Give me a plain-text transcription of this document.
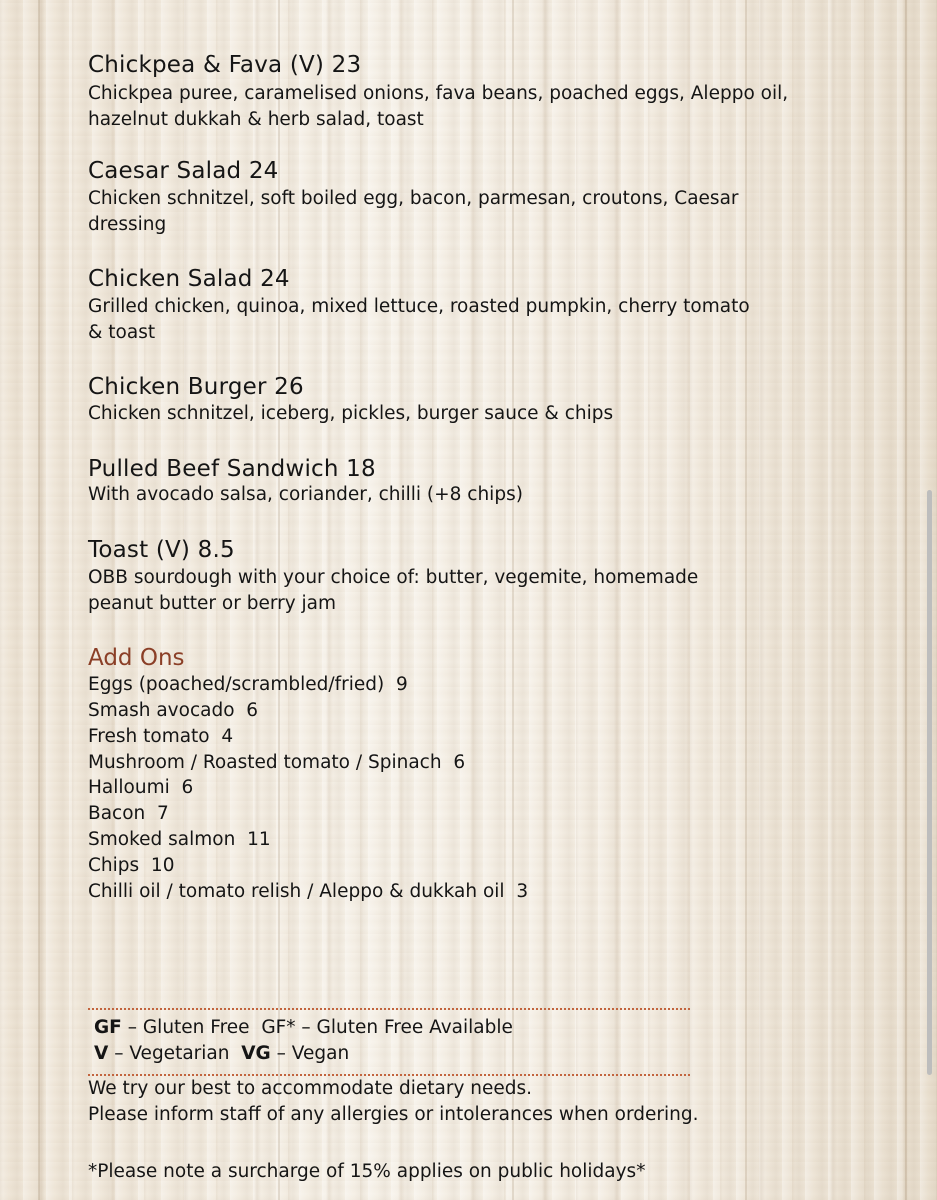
Chickpea & Fava (V) 23
Chickpea puree, caramelised onions, fava beans, poached eggs, Aleppo oil,
hazelnut dukkah & herb salad, toast
Caesar Salad 24
Chicken schnitzel, soft boiled egg, bacon, parmesan, croutons, Caesar
dressing
Chicken Salad 24
Grilled chicken, quinoa, mixed lettuce, roasted pumpkin, cherry tomato
& toast
Chicken Burger 26
Chicken schnitzel, iceberg, pickles, burger sauce & chips
Pulled Beef Sandwich 18
With avocado salsa, coriander, chilli (+8 chips)
Toast (V) 8.5
OBB sourdough with your choice of: butter, vegemite, homemade
peanut butter or berry jam
Add Ons
Eggs (poached/scrambled/fried)  9
Smash avocado  6
Fresh tomato  4
Mushroom / Roasted tomato / Spinach  6
Halloumi  6
Bacon  7
Smoked salmon  11
Chips  10
Chilli oil / tomato relish / Aleppo & dukkah oil  3
GF – Gluten Free  GF* – Gluten Free Available
V – Vegetarian  VG – Vegan
We try our best to accommodate dietary needs.
Please inform staff of any allergies or intolerances when ordering.
*Please note a surcharge of 15% applies on public holidays*
